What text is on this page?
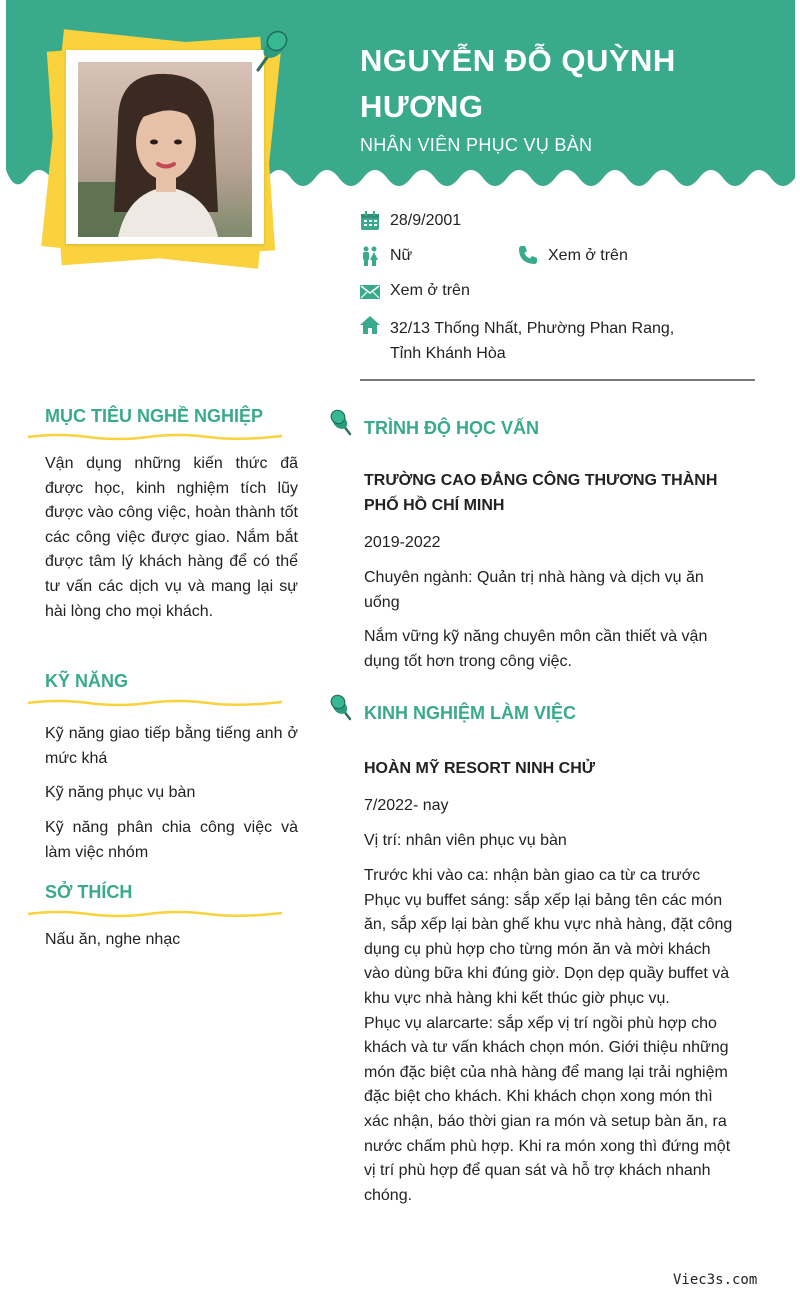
NGUYỄN ĐỖ QUỲNH HƯƠNG
NHÂN VIÊN PHỤC VỤ BÀN
28/9/2001
Nữ	Xem ở trên
Xem ở trên
32/13 Thống Nhất, Phường Phan Rang,
Tỉnh Khánh Hòa
MỤC TIÊU NGHỀ NGHIỆP
Vận dụng những kiến thức đã được học, kinh nghiệm tích lũy được vào công việc, hoàn thành tốt các công việc được giao. Nắm bắt được tâm lý khách hàng để có thể tư vấn các dịch vụ và mang lại sự hài lòng cho mọi khách.
KỸ NĂNG
Kỹ năng giao tiếp bằng tiếng anh ở mức khá
Kỹ năng phục vụ bàn
Kỹ năng phân chia công việc và làm việc nhóm
SỞ THÍCH
Nấu ăn, nghe nhạc
TRÌNH ĐỘ HỌC VẤN
TRƯỜNG CAO ĐẲNG CÔNG THƯƠNG THÀNH PHỐ HỒ CHÍ MINH
2019-2022
Chuyên ngành: Quản trị nhà hàng và dịch vụ ăn uống
Nắm vững kỹ năng chuyên môn cần thiết và vận dụng tốt hơn trong công việc.
KINH NGHIỆM LÀM VIỆC
HOÀN MỸ RESORT NINH CHỬ
7/2022- nay
Vị trí: nhân viên phục vụ bàn
Trước khi vào ca: nhận bàn giao ca từ ca trước
Phục vụ buffet sáng: sắp xếp lại bảng tên các món ăn, sắp xếp lại bàn ghế khu vực nhà hàng, đặt công dụng cụ phù hợp cho từng món ăn và mời khách vào dùng bữa khi đúng giờ. Dọn dẹp quầy buffet và khu vực nhà hàng khi kết thúc giờ phục vụ.
Phục vụ alarcarte: sắp xếp vị trí ngồi phù hợp cho khách và tư vấn khách chọn món. Giới thiệu những món đặc biệt của nhà hàng để mang lại trải nghiệm đặc biệt cho khách. Khi khách chọn xong món thì xác nhận, báo thời gian ra món và setup bàn ăn, ra nước chấm phù hợp. Khi ra món xong thì đứng một vị trí phù hợp để quan sát và hỗ trợ khách nhanh chóng.
Viec3s.com
